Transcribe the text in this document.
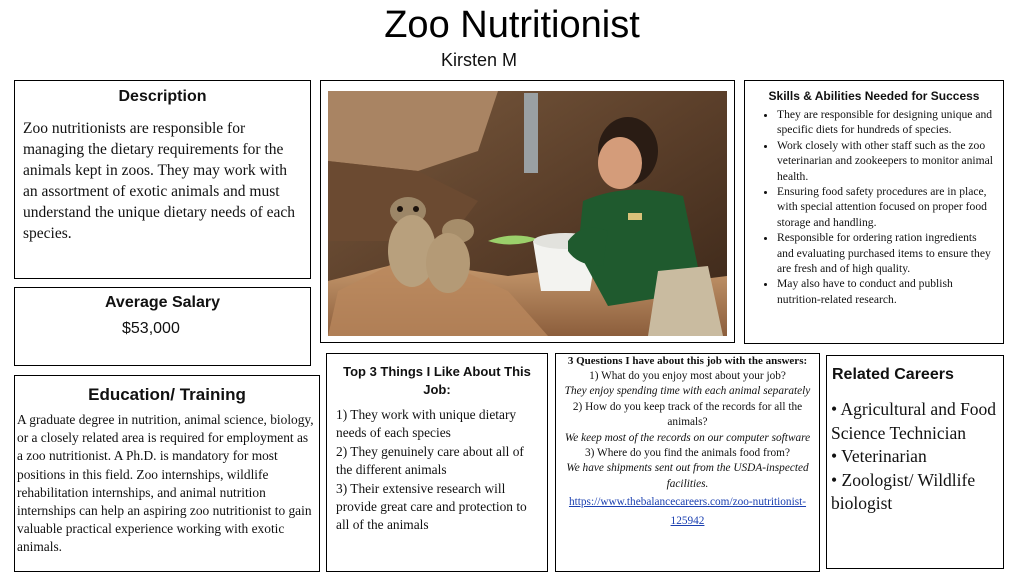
Zoo Nutritionist
Kirsten M
Description

Zoo nutritionists are responsible for managing the dietary requirements for the animals kept in zoos. They may work with an assortment of exotic animals and must understand the unique dietary needs of each species.

Average Salary
$53,000
Education/ Training

A graduate degree in nutrition, animal science, biology, or a closely related area is required for employment as a zoo nutritionist. A Ph.D. is mandatory for most positions in this field. Zoo internships, wildlife rehabilitation internships, and animal nutrition internships can help an aspiring zoo nutritionist to gain valuable practical experience working with exotic animals.

Skills & Abilities Needed for Success
• They are responsible for designing unique and specific diets for hundreds of species.
• Work closely with other staff such as the zoo veterinarian and zookeepers to monitor animal health.
• Ensuring food safety procedures are in place, with special attention focused on proper food storage and handling.
• Responsible for ordering ration ingredients and evaluating purchased items to ensure they are fresh and of high quality.
• May also have to conduct and publish nutrition-related research.
Top 3 Things I Like About This Job:

1) They work with unique dietary needs of each species
2) They genuinely care about all of the different animals
3) Their extensive research will provide great care and protection to all of the animals

3 Questions I have about this job with the answers:

1) What do you enjoy most about your job?

They enjoy spending time with each animal separately

2) How do you keep track of the records for all the animals?

We keep most of the records on our computer software

3) Where do you find the animals food from?

We have shipments sent out from the USDA-inspected facilities.

https://www.thebalancecareers.com/zoo-nutritionist-125942
Related Careers
• Agricultural and Food Science Technician
• Veterinarian
• Zoologist/ Wildlife biologist
